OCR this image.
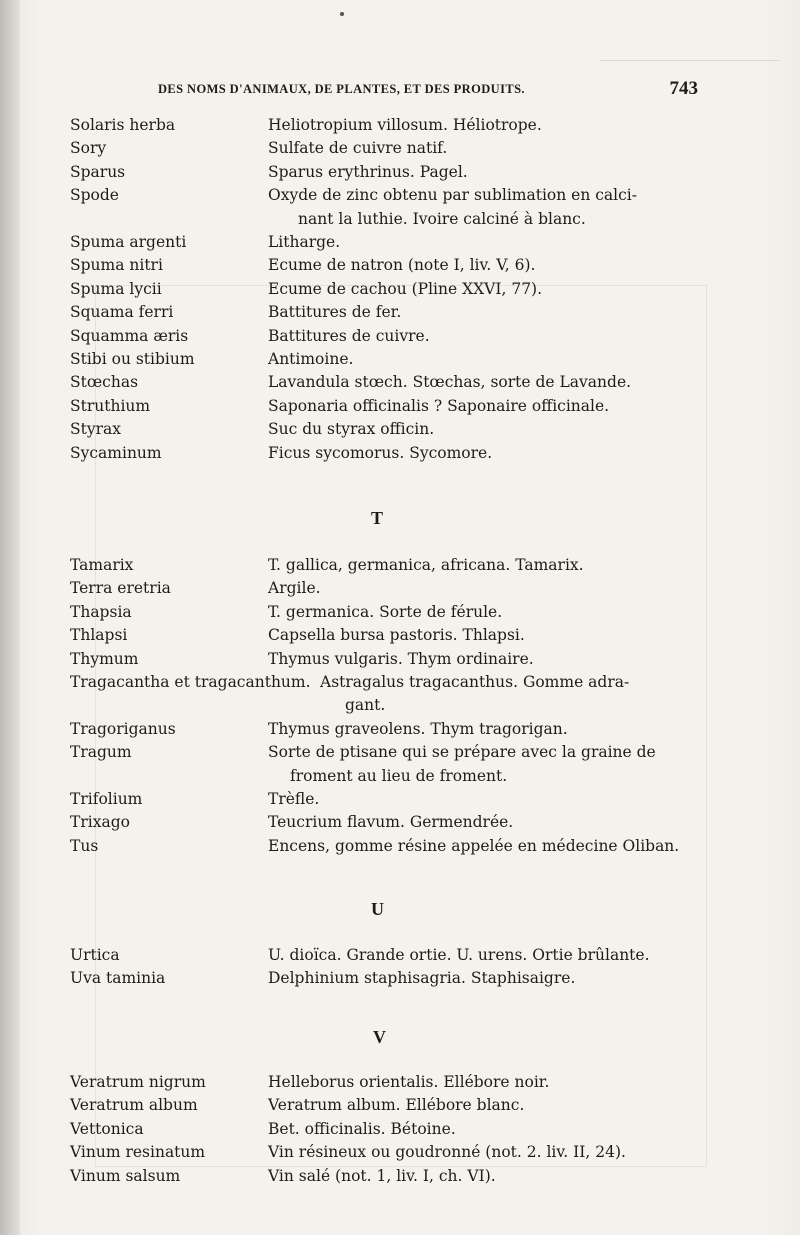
DES NOMS D'ANIMAUX, DE PLANTES, ET DES PRODUITS.	743
Solaris herba	Heliotropium villosum. Héliotrope.
Sory	Sulfate de cuivre natif.
Sparus	Sparus erythrinus. Pagel.
Spode	Oxyde de zinc obtenu par sublimation en calci-
nant la luthie. Ivoire calciné à blanc.
Spuma argenti	Litharge.
Spuma nitri	Ecume de natron (note I, liv. V, 6).
Spuma lycii	Ecume de cachou (Pline XXVI, 77).
Squama ferri	Battitures de fer.
Squamma æris	Battitures de cuivre.
Stibi ou stibium	Antimoine.
Stœchas	Lavandula stœch. Stœchas, sorte de Lavande.
Struthium	Saponaria officinalis ? Saponaire officinale.
Styrax	Suc du styrax officin.
Sycaminum	Ficus sycomorus. Sycomore.
T
Tamarix	T. gallica, germanica, africana. Tamarix.
Terra eretria	Argile.
Thapsia	T. germanica. Sorte de férule.
Thlapsi	Capsella bursa pastoris. Thlapsi.
Thymum	Thymus vulgaris. Thym ordinaire.
Tragacantha et tragacanthum. Astragalus tragacanthus. Gomme adra-
gant.
Tragoriganus	Thymus graveolens. Thym tragorigan.
Tragum	Sorte de ptisane qui se prépare avec la graine de
froment au lieu de froment.
Trifolium	Trèfle.
Trixago	Teucrium flavum. Germendrée.
Tus	Encens, gomme résine appelée en médecine Oliban.
U
Urtica	U. dioïca. Grande ortie. U. urens. Ortie brûlante.
Uva taminia	Delphinium staphisagria. Staphisaigre.
V
Veratrum nigrum	Helleborus orientalis. Ellébore noir.
Veratrum album	Veratrum album. Ellébore blanc.
Vettonica	Bet. officinalis. Bétoine.
Vinum resinatum	Vin résineux ou goudronné (not. 2. liv. II, 24).
Vinum salsum	Vin salé (not. 1, liv. I, ch. VI).
